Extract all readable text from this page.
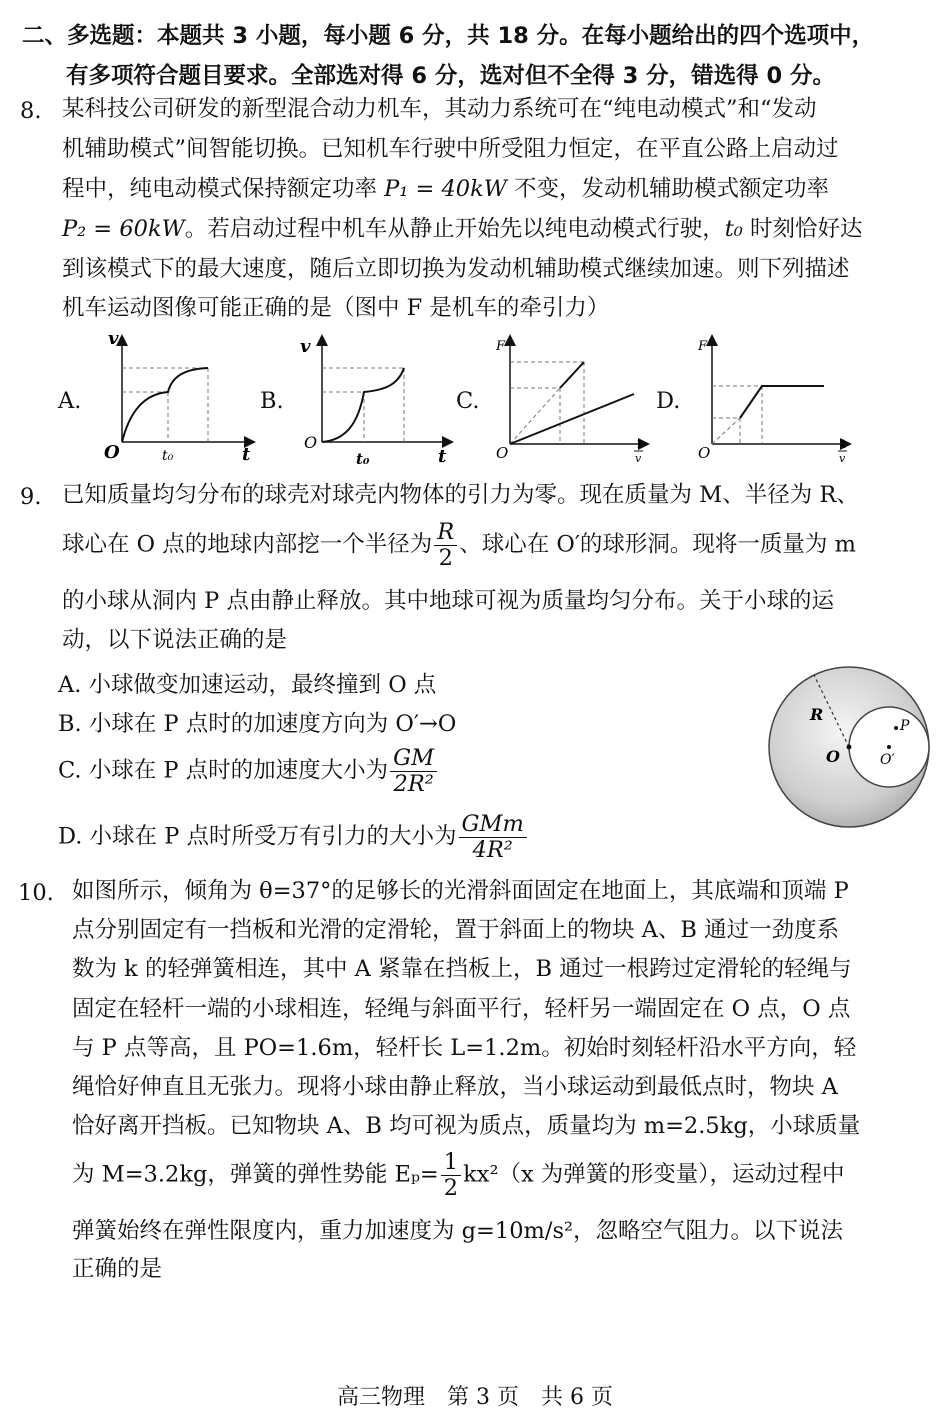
二、多选题：本题共 3 小题，每小题 6 分，共 18 分。在每小题给出的四个选项中，
有多项符合题目要求。全部选对得 6 分，选对但不全得 3 分，错选得 0 分。
8. 某科技公司研发的新型混合动力机车，其动力系统可在“纯电动模式”和“发动
机辅助模式”间智能切换。已知机车行驶中所受阻力恒定，在平直公路上启动过
程中，纯电动模式保持额定功率 P₁ = 40kW 不变，发动机辅助模式额定功率
P₂ = 60kW。若启动过程中机车从静止开始先以纯电动模式行驶，t₀ 时刻恰好达
到该模式下的最大速度，随后立即切换为发动机辅助模式继续加速。则下列描述
机车运动图像可能正确的是（图中 F 是机车的牵引力）
A.	B.	C.	D.
v
t
O	t₀
v
t
O
t₀
F
O	1
v
F
O	1
v
9. 已知质量均匀分布的球壳对球壳内物体的引力为零。现在质量为 M、半径为 R、
球心在 O 点的地球内部挖一个半径为 $\frac{R}{2}$ 、球心在 O′的球形洞。现将一质量为 m
的小球从洞内 P 点由静止释放。其中地球可视为质量均匀分布。关于小球的运
动，以下说法正确的是
A. 小球做变加速运动，最终撞到 O 点
B. 小球在 P 点时的加速度方向为 O′→O
C. 小球在 P 点时的加速度大小为 $\frac{GM}{\text{2R²}}$
D. 小球在 P 点时所受万有引力的大小为 $\frac{\text{GMm}}{\text{4R²}}$
R
O	O′
P
10. 如图所示，倾角为 θ=37°的足够长的光滑斜面固定在地面上，其底端和顶端 P
点分别固定有一挡板和光滑的定滑轮，置于斜面上的物块 A、B 通过一劲度系
数为 k 的轻弹簧相连，其中 A 紧靠在挡板上，B 通过一根跨过定滑轮的轻绳与
固定在轻杆一端的小球相连，轻绳与斜面平行，轻杆另一端固定在 O 点，O 点
与 P 点等高，且 PO=1.6m，轻杆长 L=1.2m。初始时刻轻杆沿水平方向，轻
绳恰好伸直且无张力。现将小球由静止释放，当小球运动到最低点时，物块 A
恰好离开挡板。已知物块 A、B 均可视为质点，质量均为 m=2.5kg，小球质量
为 M=3.2kg，弹簧的弹性势能 $E_p= \frac{1}{2} kx^2(x$ 为弹簧的形变量），运动过程中
弹簧始终在弹性限度内，重力加速度为 g=10m/s²，忽略空气阻力。以下说法
正确的是
高三物理　第 3 页　共 6 页
